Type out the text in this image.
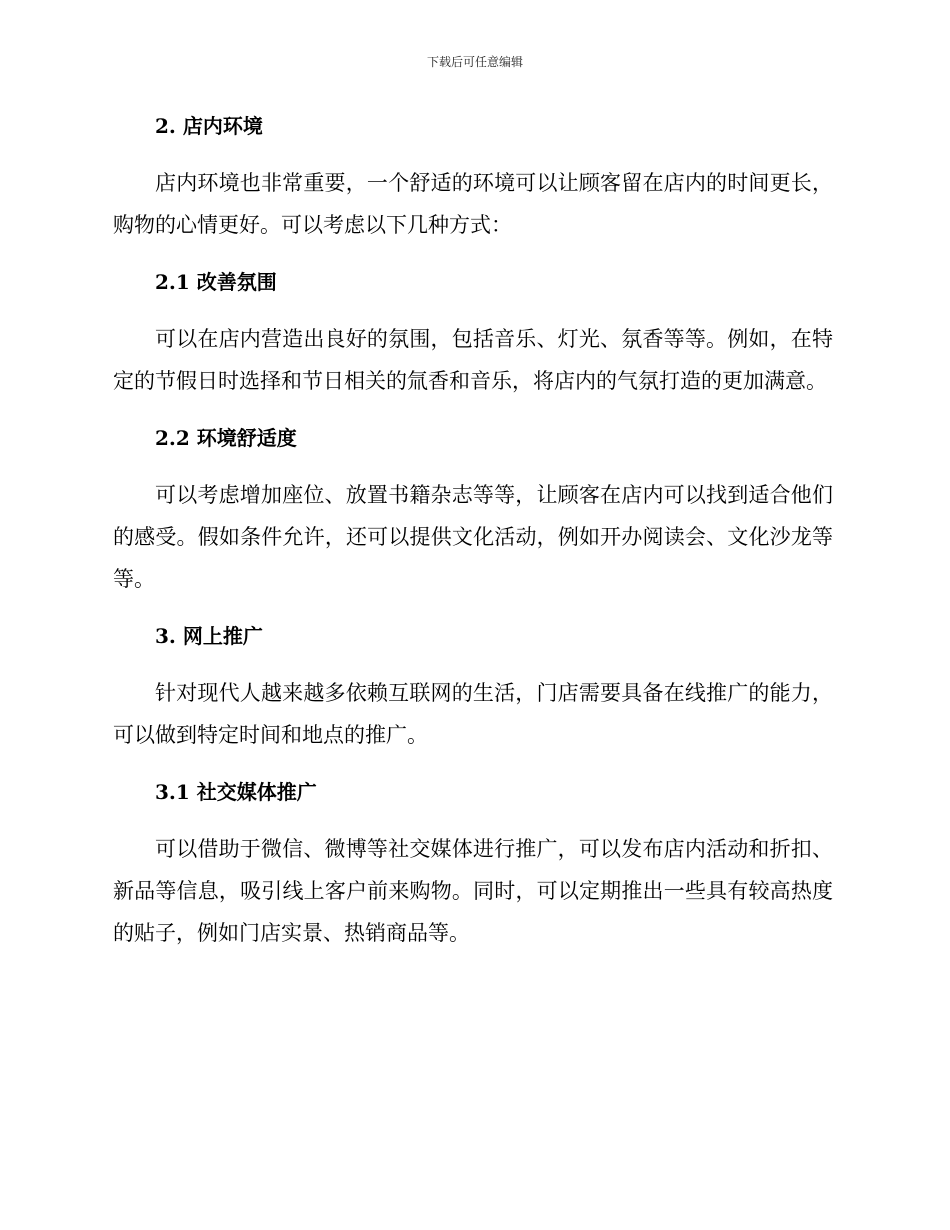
下载后可任意编辑
2. 店内环境

店内环境也非常重要，一个舒适的环境可以让顾客留在店内的时间更长，购物的心情更好。可以考虑以下几种方式：

2.1 改善氛围

可以在店内营造出良好的氛围，包括音乐、灯光、氛香等等。例如，在特定的节假日时选择和节日相关的氚香和音乐，将店内的气氛打造的更加满意。

2.2 环境舒适度

可以考虑增加座位、放置书籍杂志等等，让顾客在店内可以找到适合他们的感受。假如条件允许，还可以提供文化活动，例如开办阅读会、文化沙龙等等。

3. 网上推广

针对现代人越来越多依赖互联网的生活，门店需要具备在线推广的能力，可以做到特定时间和地点的推广。

3.1 社交媒体推广

可以借助于微信、微博等社交媒体进行推广，可以发布店内活动和折扣、新品等信息，吸引线上客户前来购物。同时，可以定期推出一些具有较高热度的贴子，例如门店实景、热销商品等。
